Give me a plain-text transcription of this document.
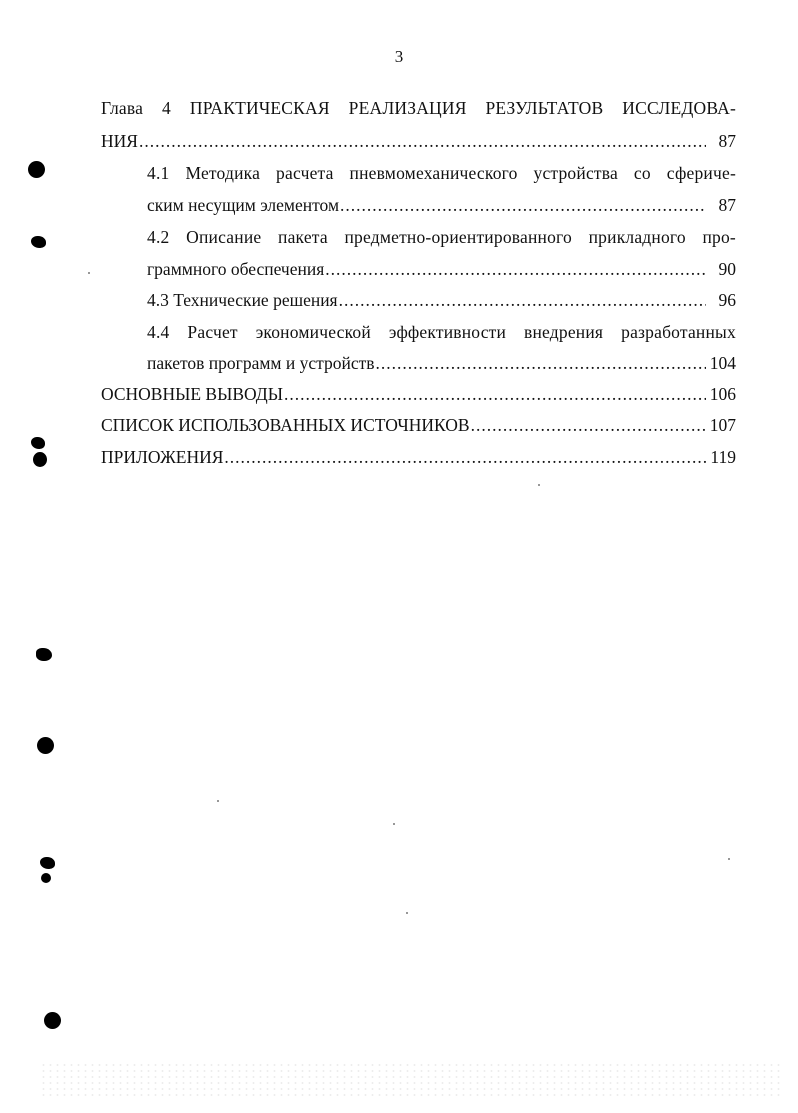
3
Глава 4 ПРАКТИЧЕСКАЯ РЕАЛИЗАЦИЯ РЕЗУЛЬТАТОВ ИССЛЕДОВА-
НИЯ .....	87
4.1 Методика расчета пневмомеханического устройства со сфериче-
ским несущим элементом .....	87
4.2 Описание пакета предметно-ориентированного прикладного про-
граммного обеспечения .....	90
4.3 Технические решения .....	96
4.4 Расчет экономической эффективности внедрения разработанных
пакетов программ и устройств .....	104
ОСНОВНЫЕ ВЫВОДЫ .....	106
СПИСОК ИСПОЛЬЗОВАННЫХ ИСТОЧНИКОВ .....	107
ПРИЛОЖЕНИЯ .....	119
